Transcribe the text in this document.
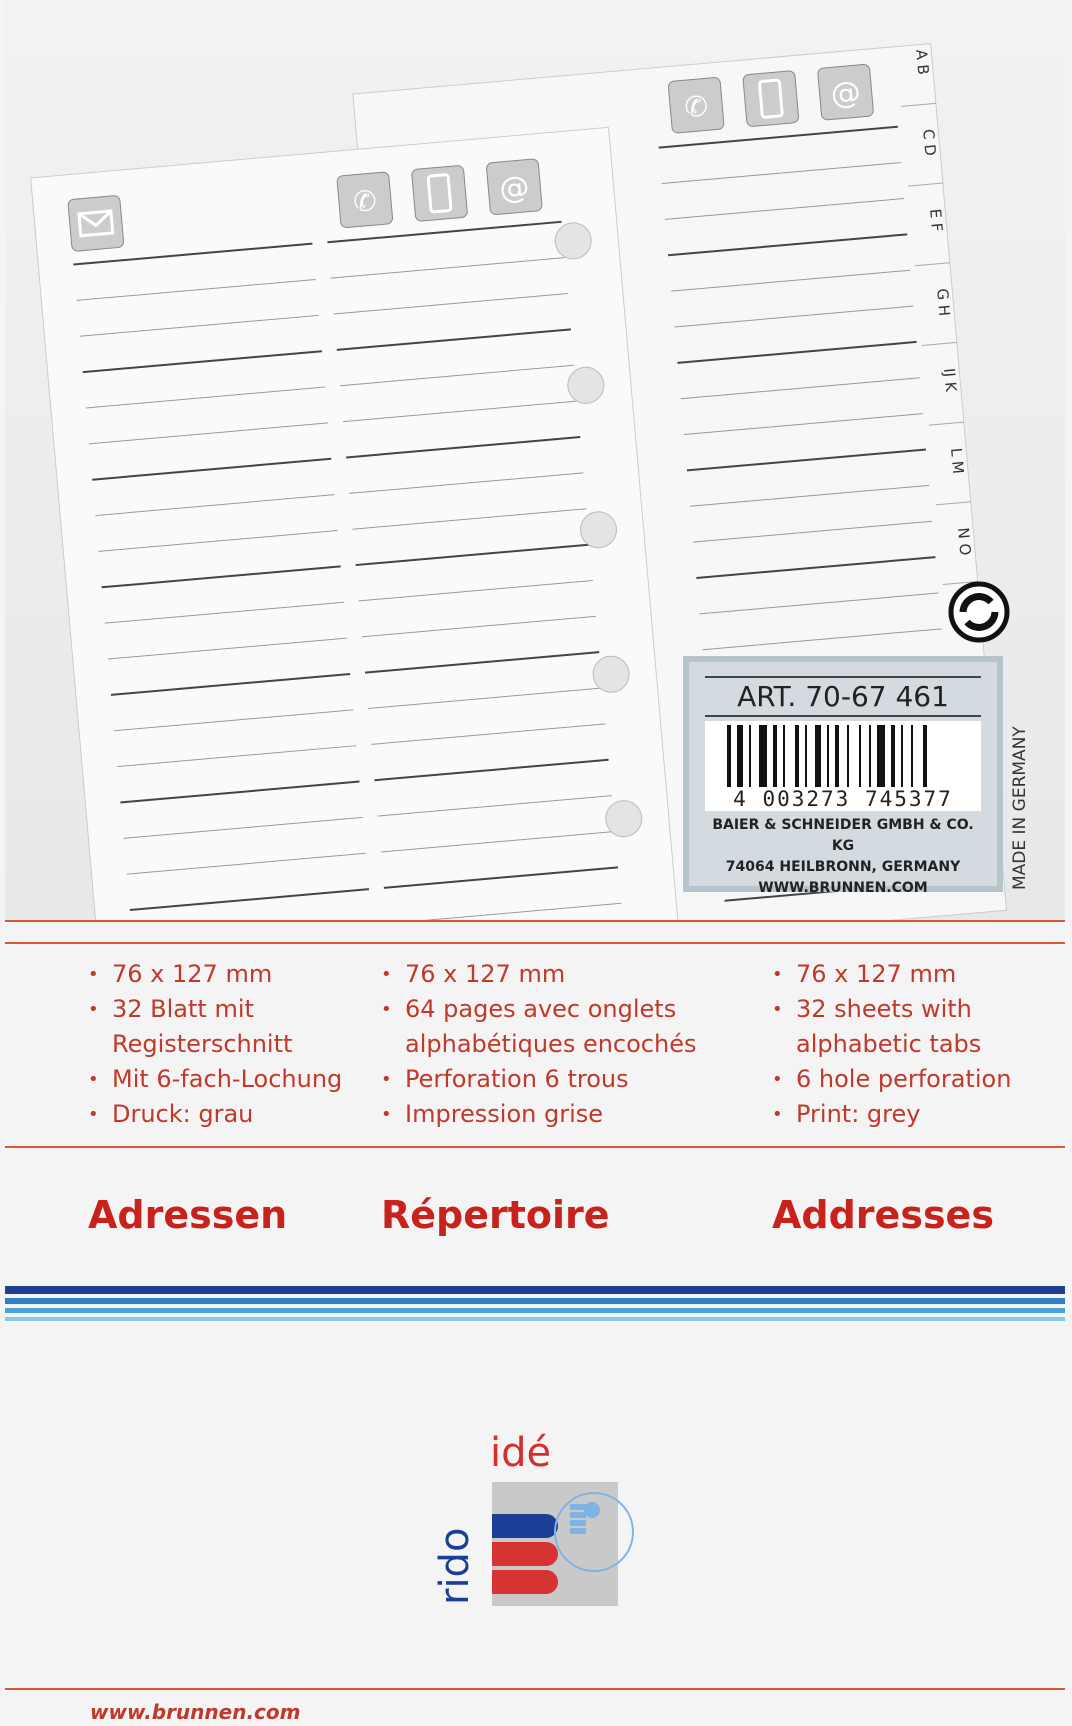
A B
C D
E F
G H
IJ K
L M
N O
✆	@
✆	@
ART. 70-67 461
4 003273 745377
BAIER & SCHNEIDER GMBH & CO. KG
74064 HEILBRONN, GERMANY
WWW.BRUNNEN.COM	MADE IN GERMANY
• 76 x 127 mm
• 32 Blatt mit Registerschnitt
• Mit 6-fach-Lochung
• Druck: grau
• 76 x 127 mm
• 64 pages avec onglets alphabétiques encochés
• Perforation 6 trous
• Impression grise
• 76 x 127 mm
• 32 sheets with alphabetic tabs
• 6 hole perforation
• Print: grey
Adressen Répertoire	Addresses
idé
rido
www.brunnen.com
